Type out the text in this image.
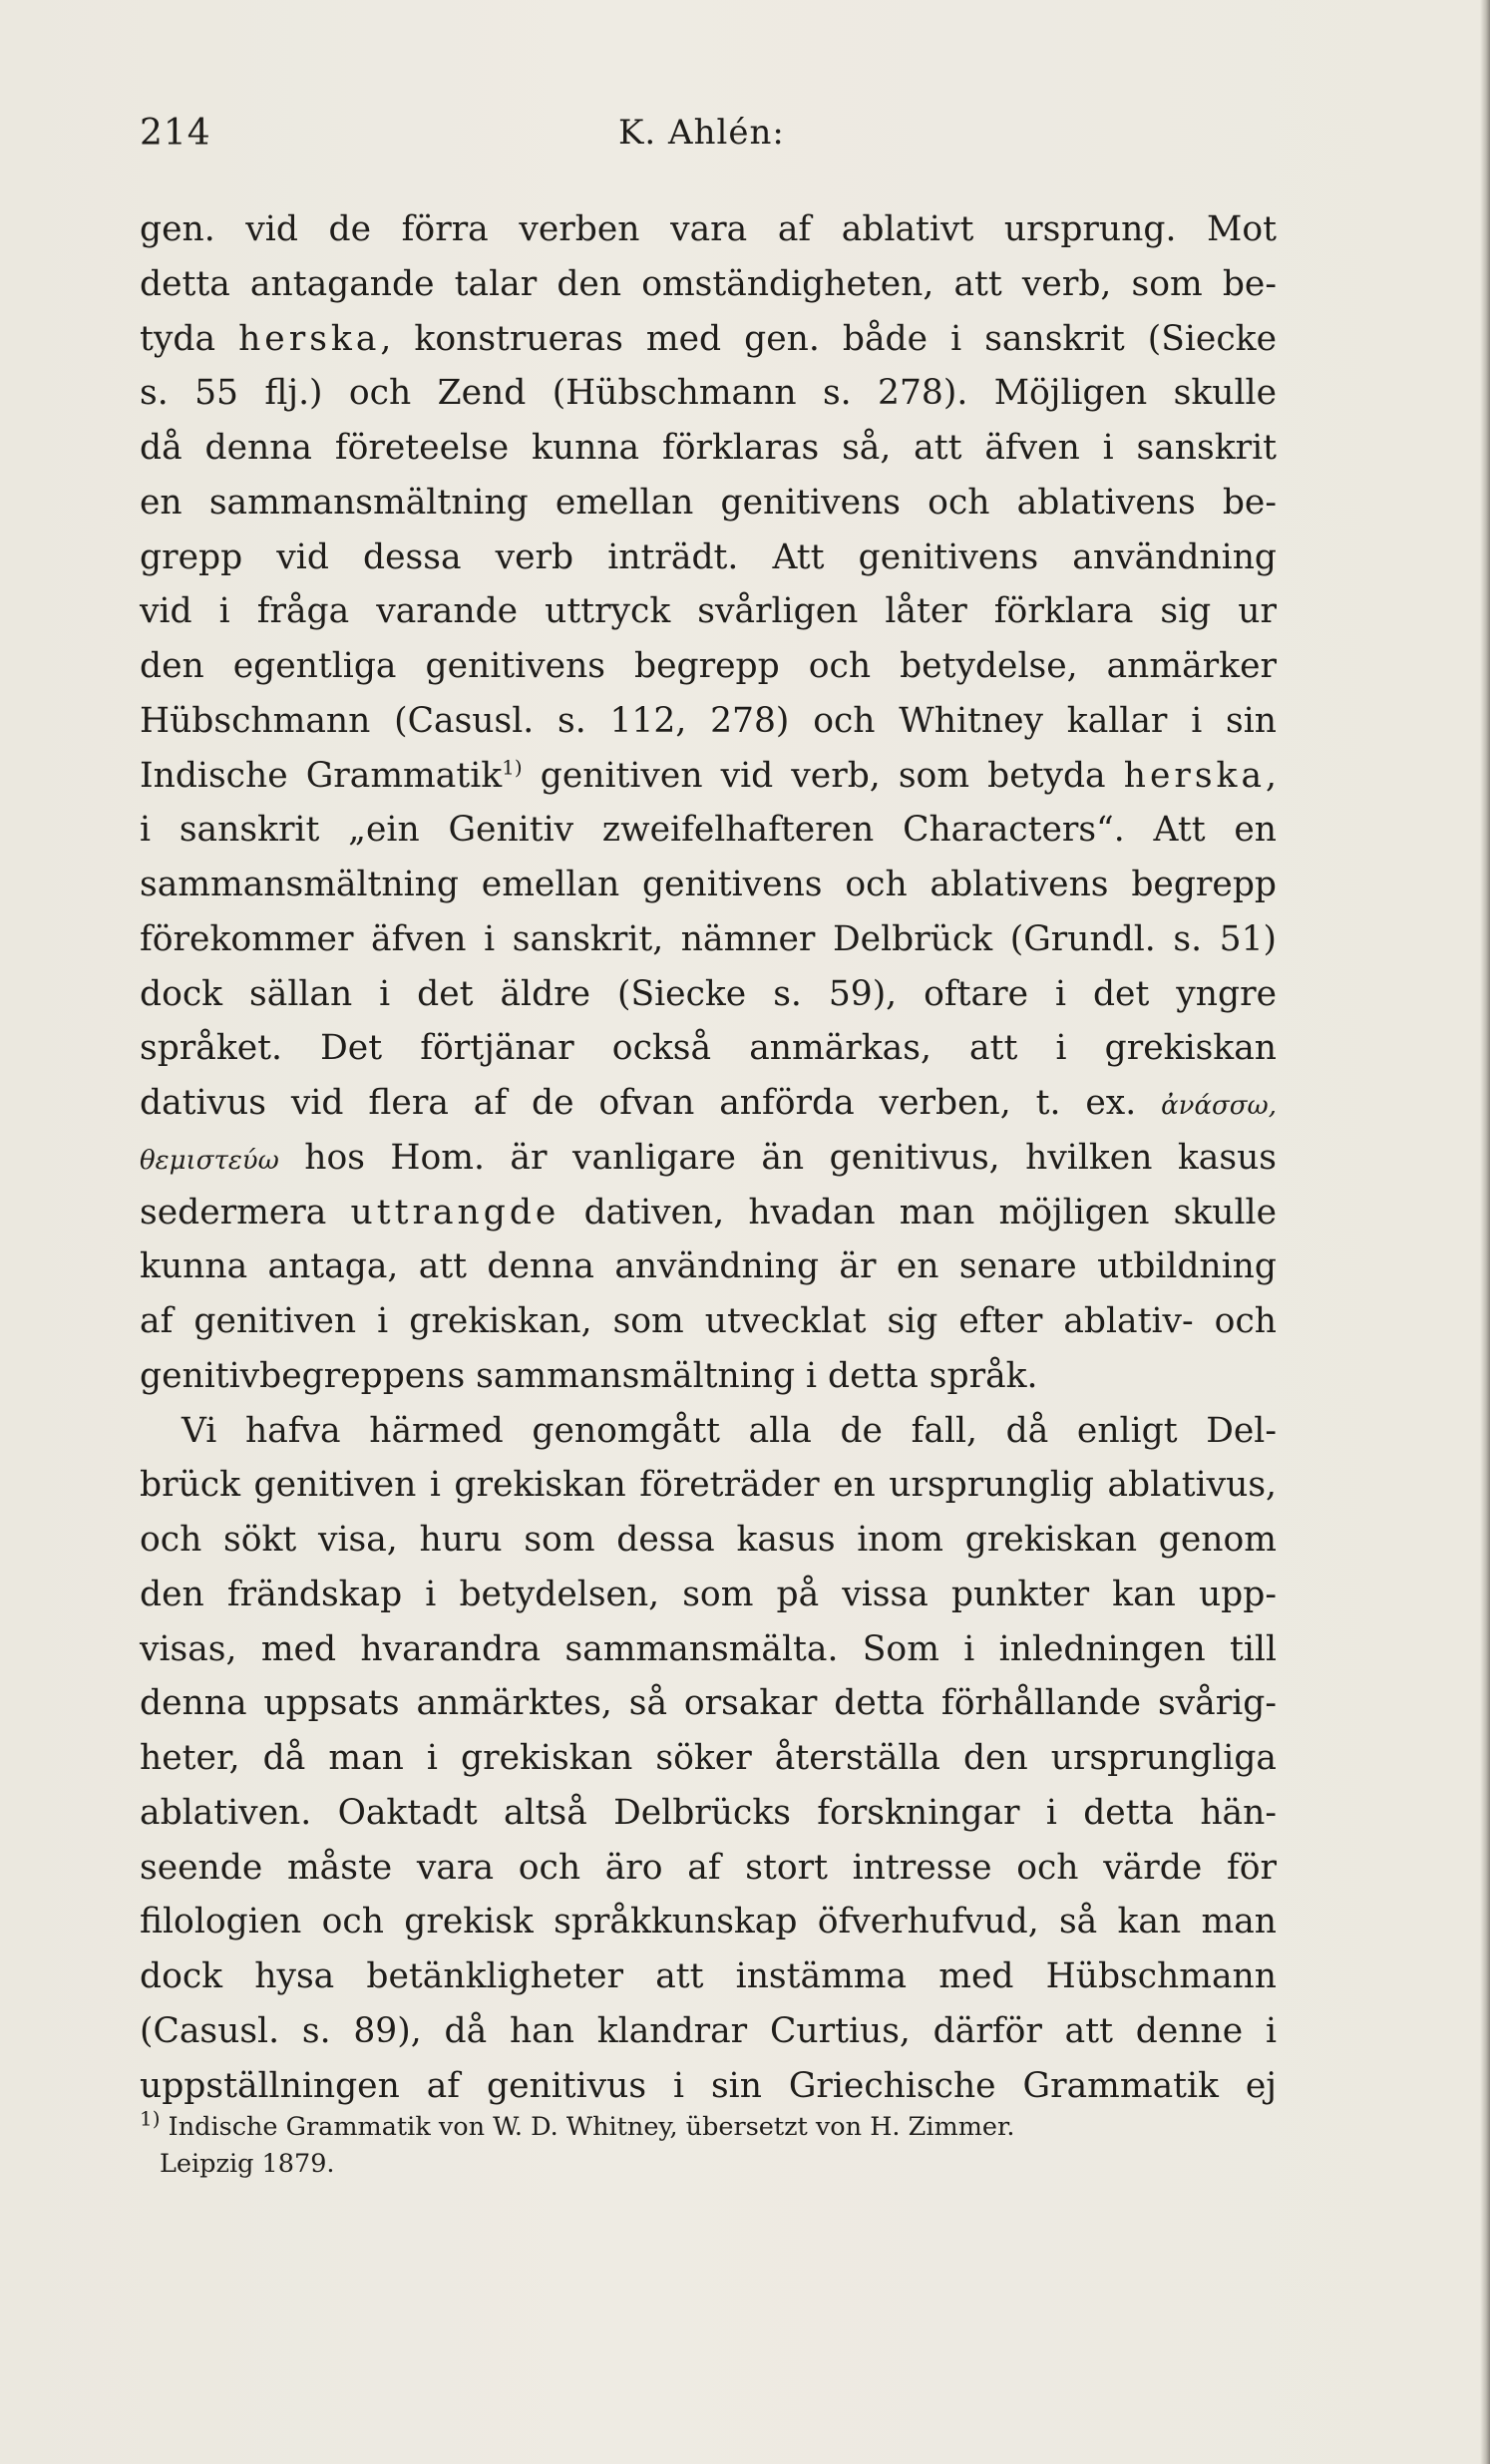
214	K. Ahlén:
gen. vid de förra verben vara af ablativt ursprung. Mot
detta antagande talar den omständigheten, att verb, som be-
tyda herska, konstrueras med gen. både i sanskrit (Siecke
s. 55 flj.) och Zend (Hübschmann s. 278). Möjligen skulle
då denna företeelse kunna förklaras så, att äfven i sanskrit
en sammansmältning emellan genitivens och ablativens be-
grepp vid dessa verb inträdt. Att genitivens användning
vid i fråga varande uttryck svårligen låter förklara sig ur
den egentliga genitivens begrepp och betydelse, anmärker
Hübschmann (Casusl. s. 112, 278) och Whitney kallar i sin
Indische Grammatik$^{1)}$ genitiven vid verb, som betyda herska,
i sanskrit „ein Genitiv zweifelhafteren Characters“. Att en
sammansmältning emellan genitivens och ablativens begrepp
förekommer äfven i sanskrit, nämner Delbrück (Grundl. s. 51)
dock sällan i det äldre (Siecke s. 59), oftare i det yngre
språket. Det förtjänar också anmärkas, att i grekiskan
dativus vid flera af de ofvan anförda verben, t. ex. ἀνάσσω,
θεμιστεύω hos Hom. är vanligare än genitivus, hvilken kasus
sedermera uttrangde dativen, hvadan man möjligen skulle
kunna antaga, att denna användning är en senare utbildning
af genitiven i grekiskan, som utvecklat sig efter ablativ- och
genitivbegreppens sammansmältning i detta språk.
Vi hafva härmed genomgått alla de fall, då enligt Del-
brück genitiven i grekiskan företräder en ursprunglig ablativus,
och sökt visa, huru som dessa kasus inom grekiskan genom
den frändskap i betydelsen, som på vissa punkter kan upp-
visas, med hvarandra sammansmälta. Som i inledningen till
denna uppsats anmärktes, så orsakar detta förhållande svårig-
heter, då man i grekiskan söker återställa den ursprungliga
ablativen. Oaktadt altså Delbrücks forskningar i detta hän-
seende måste vara och äro af stort intresse och värde för
filologien och grekisk språkkunskap öfverhufvud, så kan man
dock hysa betänkligheter att instämma med Hübschmann
(Casusl. s. 89), då han klandrar Curtius, därför att denne i
uppställningen af genitivus i sin Griechische Grammatik ej
$^{1)}$ Indische Grammatik von W. D. Whitney, übersetzt von H. Zimmer.
Leipzig 1879.
